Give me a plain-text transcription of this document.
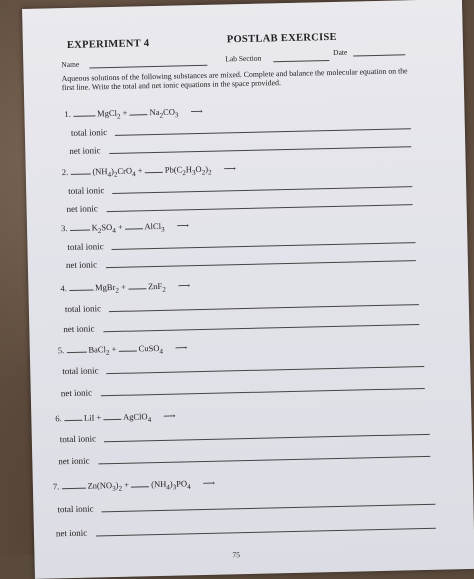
EXPERIMENT 4	POSTLAB EXERCISE
Name
Lab Section
Date
Aqueous solutions of the following substances are mixed. Complete and balance the molecular equation on the first line. Write the total and net ionic equations in the space provided.
1.	MgCl$_2$ +  $Na_2CO_3$ ⟶
total ionic
net ionic
2.	$(NH_4)_2CrO_4 + Pb(C_2H_3O_2)_2$ ⟶
total ionic
net ionic
3.	$K_2SO_4$ +  AlCl$_3$ ⟶
total ionic
net ionic
4.	MgBr$_2$ +  ZnF$_2$ ⟶
total ionic
net ionic
5.	BaCl$_2$ +  CuSO$_4$ ⟶
total ionic
net ionic
6.	LiI +  AgClO$_4$ ⟶
total ionic
net ionic
7.	$Zn(NO_3)_2 + (NH_4)_3PO_4$ ⟶
total ionic
net ionic
75
